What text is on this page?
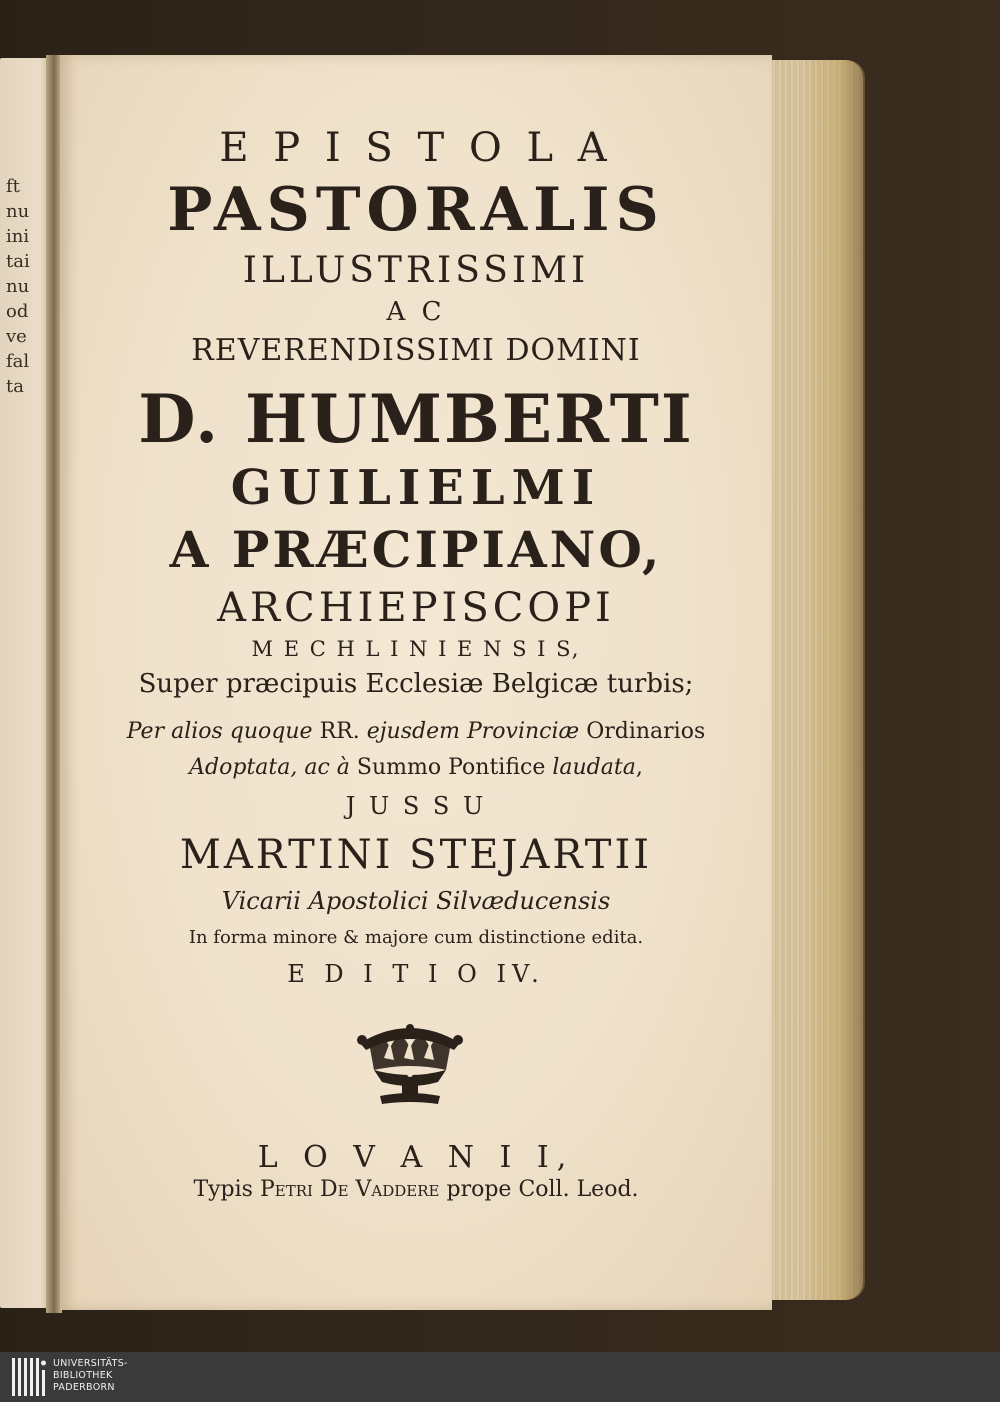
ft
nu
ini
tai
nu
od
ve
fal
ta
E P I S T O L A
PASTORALIS
ILLUSTRISSIMI
A C
REVERENDISSIMI DOMINI
D. HUMBERTI
GUILIELMI
A PRÆCIPIANO,
ARCHIEPISCOPI
M E C H L I N I E N S I S,
Super præcipuis Ecclesiæ Belgicæ turbis;
Per alios quoque RR. ejusdem Provinciæ Ordinarios
Adoptata, ac à Summo Pontifice laudata,
J U S S U
MARTINI STEJARTII
Vicarii Apostolici Silvæducensis
In forma minore & majore cum distinctione edita.
E D I T I O IV.
L O V A N I I,
Typis Petri De Vaddere prope Coll. Leod.
UNIVERSITÄTS-
BIBLIOTHEK
PADERBORN
